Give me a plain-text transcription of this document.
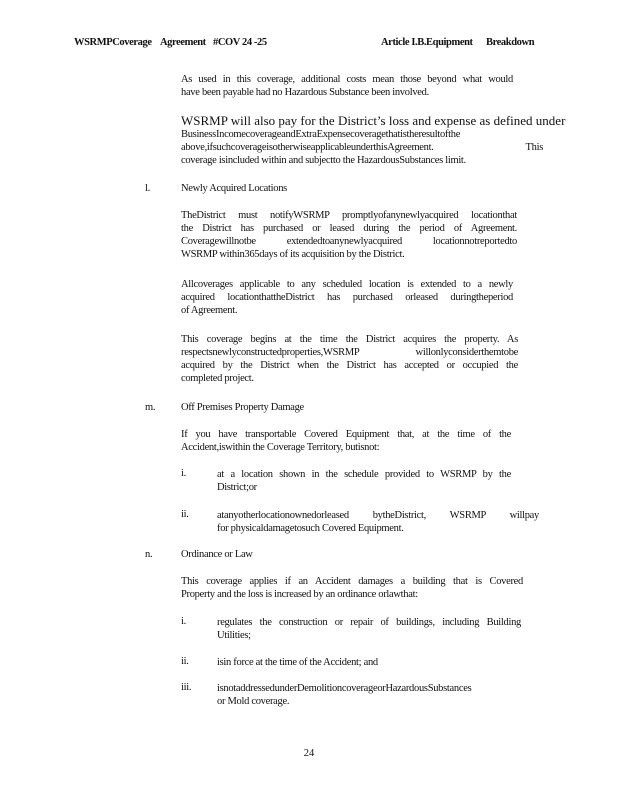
WSRMPCoverage Agreement #COV 24 -25	Article I.B.Equipment Breakdown
As used in this coverage, additional costs mean those beyond what would
have been payable had no Hazardous Substance been involved.
WSRMP will also pay for the District’s loss and expense as defined under
BusinessIncomecoverageandExtraExpensecoveragethatistheresultofthe
above,ifsuchcoverageisotherwiseapplicableunderthisAgreement.	This
coverage isincluded within and subjectto the HazardousSubstances limit.
l.	Newly Acquired Locations
TheDistrict must notifyWSRMP promptlyofanynewlyacquired locationthat
the District has purchased or leased during the period of Agreement.
Coveragewillnotbe extendedtoanynewlyacquired locationnotreportedto
WSRMP within365days of its acquisition by the District.
Allcoverages applicable to any scheduled location is extended to a newly
acquired locationthattheDistrict has purchased orleased duringtheperiod
of Agreement.
This coverage begins at the time the District acquires the property. As
respectsnewlyconstructedproperties,WSRMP willonlyconsiderthemtobe
acquired by the District when the District has accepted or occupied the
completed project.
m. Off Premises Property Damage
If you have transportable Covered Equipment that, at the time of the
Accident,iswithin the Coverage Territory, butisnot:
i.	at a location shown in the schedule provided to WSRMP by the
District;or
ii.	atanyotherlocationownedorleased bytheDistrict, WSRMP willpay
for physicaldamagetosuch Covered Equipment.
n.	Ordinance or Law
This coverage applies if an Accident damages a building that is Covered
Property and the loss is increased by an ordinance orlawthat:
i.	regulates the construction or repair of buildings, including Building
Utilities;
ii.	isin force at the time of the Accident; and
iii. isnotaddressedunderDemolitioncoverageorHazardousSubstances
or Mold coverage.
24
